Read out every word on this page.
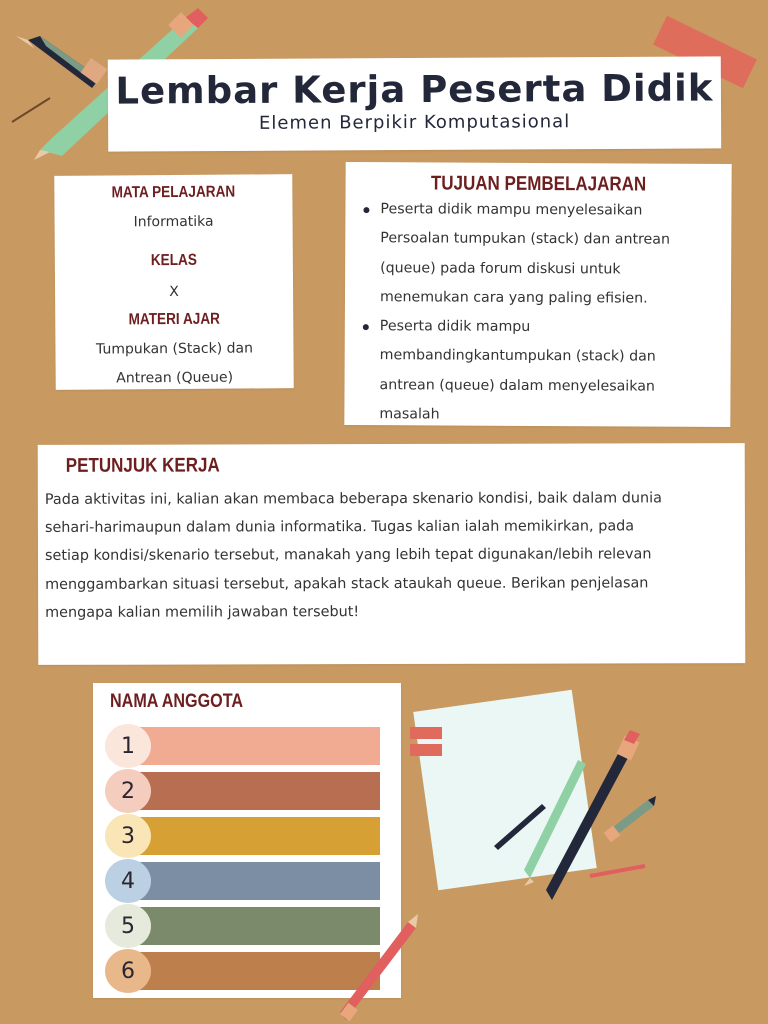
Lembar Kerja Peserta Didik
Elemen Berpikir Komputasional
MATA PELAJARAN
Informatika
KELAS
X
MATERI AJAR
Tumpukan (Stack) dan
Antrean (Queue)
TUJUAN PEMBELAJARAN
Peserta didik mampu menyelesaikan
Persoalan tumpukan (stack) dan antrean
(queue) pada forum diskusi untuk
menemukan cara yang paling efisien.
Peserta didik mampu
membandingkantumpukan (stack) dan
antrean (queue) dalam menyelesaikan
masalah
PETUNJUK KERJA
Pada aktivitas ini, kalian akan membaca beberapa skenario kondisi, baik dalam dunia
sehari-harimaupun dalam dunia informatika. Tugas kalian ialah memikirkan, pada
setiap kondisi/skenario tersebut, manakah yang lebih tepat digunakan/lebih relevan
menggambarkan situasi tersebut, apakah stack ataukah queue. Berikan penjelasan
mengapa kalian memilih jawaban tersebut!
NAMA ANGGOTA
1
2
3
4
5
6
